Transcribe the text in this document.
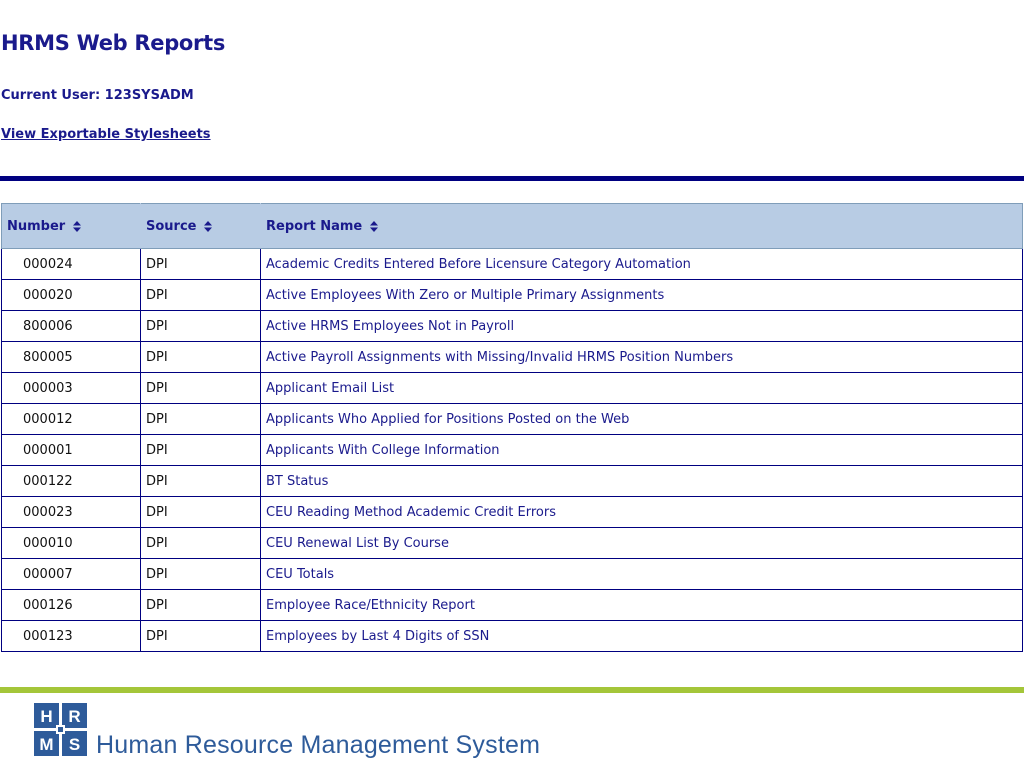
HRMS Web Reports
Current User: 123SYSADM
View Exportable Stylesheets
Number	Source	Report Name
000024	DPI	Academic Credits Entered Before Licensure Category Automation
000020	DPI	Active Employees With Zero or Multiple Primary Assignments
800006	DPI	Active HRMS Employees Not in Payroll
800005	DPI	Active Payroll Assignments with Missing/Invalid HRMS Position Numbers
000003	DPI	Applicant Email List
000012	DPI	Applicants Who Applied for Positions Posted on the Web
000001	DPI	Applicants With College Information
000122	DPI	BT Status
000023	DPI	CEU Reading Method Academic Credit Errors
000010	DPI	CEU Renewal List By Course
000007	DPI	CEU Totals
000126	DPI	Employee Race/Ethnicity Report
000123	DPI	Employees by Last 4 Digits of SSN
H R
M S Human Resource Management System
